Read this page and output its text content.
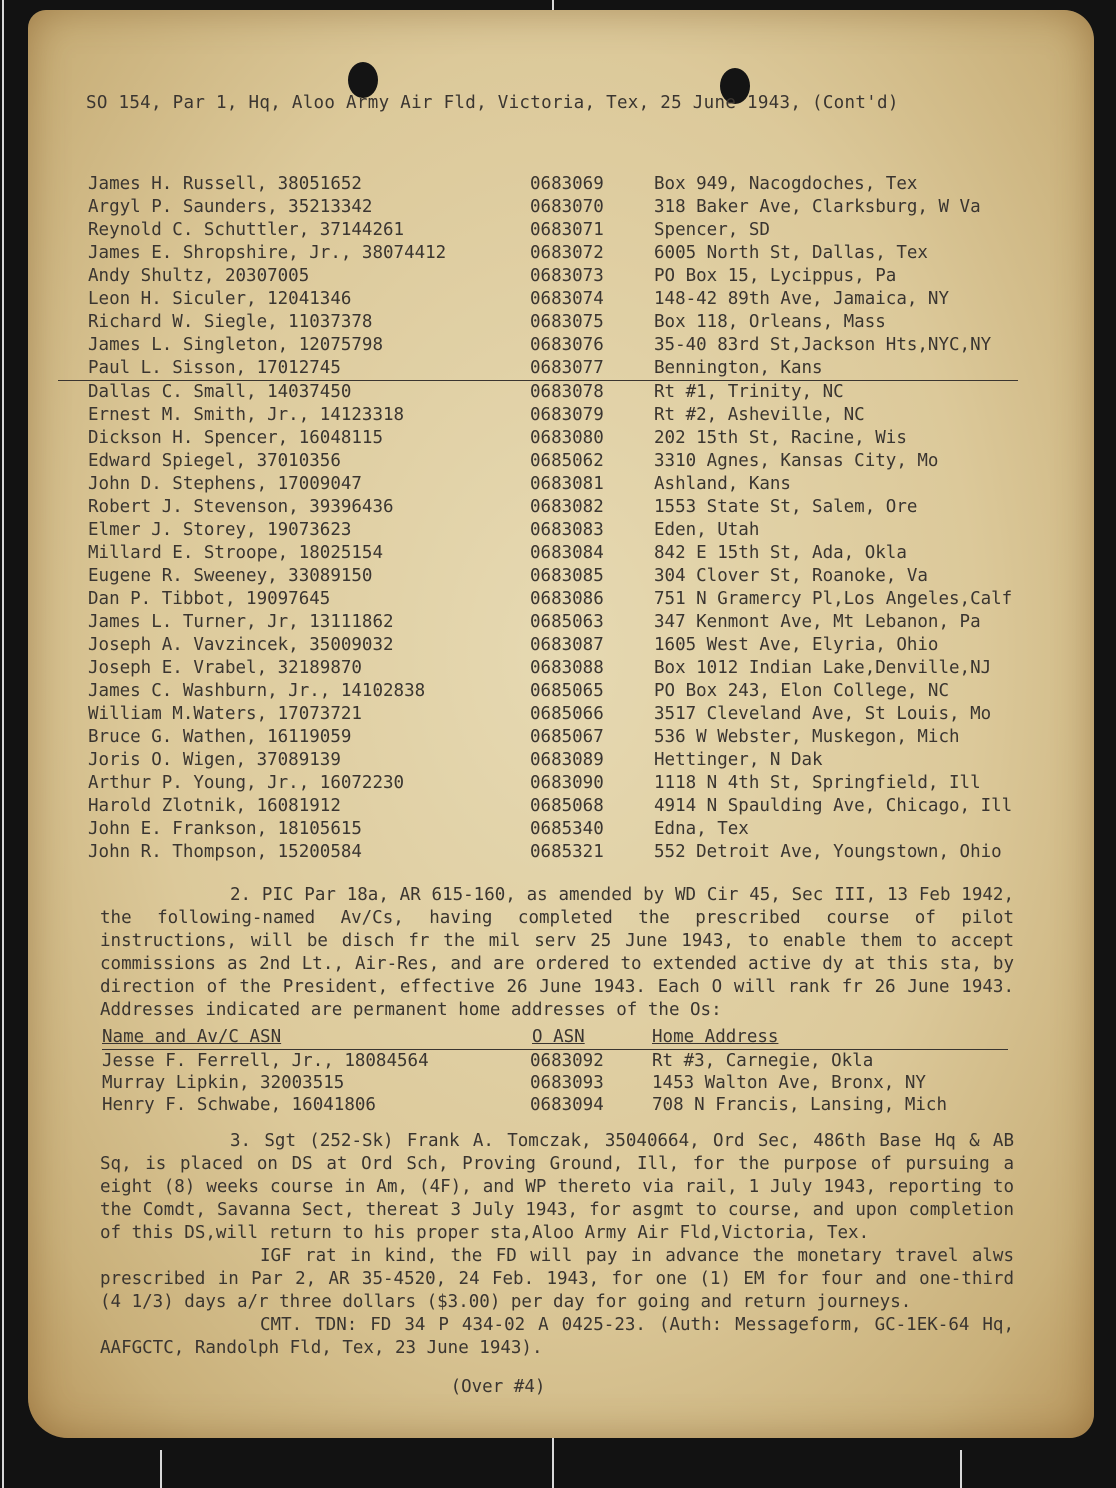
SO 154, Par 1, Hq, Aloo Army Air Fld, Victoria, Tex, 25 June 1943, (Cont'd)
James H. Russell, 38051652	0683069	Box 949, Nacogdoches, Tex
Argyl P. Saunders, 35213342	0683070	318 Baker Ave, Clarksburg, W Va
Reynold C. Schuttler, 37144261	0683071	Spencer, SD
James E. Shropshire, Jr., 38074412	0683072	6005 North St, Dallas, Tex
Andy Shultz, 20307005	0683073	PO Box 15, Lycippus, Pa
Leon H. Siculer, 12041346	0683074	148-42 89th Ave, Jamaica, NY
Richard W. Siegle, 11037378	0683075	Box 118, Orleans, Mass
James L. Singleton, 12075798	0683076	35-40 83rd St,Jackson Hts,NYC,NY
Paul L. Sisson, 17012745	0683077	Bennington, Kans
Dallas C. Small, 14037450	0683078	Rt #1, Trinity, NC
Ernest M. Smith, Jr., 14123318	0683079	Rt #2, Asheville, NC
Dickson H. Spencer, 16048115	0683080	202 15th St, Racine, Wis
Edward Spiegel, 37010356	0685062	3310 Agnes, Kansas City, Mo
John D. Stephens, 17009047	0683081	Ashland, Kans
Robert J. Stevenson, 39396436	0683082	1553 State St, Salem, Ore
Elmer J. Storey, 19073623	0683083	Eden, Utah
Millard E. Stroope, 18025154	0683084	842 E 15th St, Ada, Okla
Eugene R. Sweeney, 33089150	0683085	304 Clover St, Roanoke, Va
Dan P. Tibbot, 19097645	0683086	751 N Gramercy Pl,Los Angeles,Calf
James L. Turner, Jr, 13111862	0685063	347 Kenmont Ave, Mt Lebanon, Pa
Joseph A. Vavzincek, 35009032	0683087	1605 West Ave, Elyria, Ohio
Joseph E. Vrabel, 32189870	0683088	Box 1012 Indian Lake,Denville,NJ
James C. Washburn, Jr., 14102838	0685065	PO Box 243, Elon College, NC
William M.Waters, 17073721	0685066	3517 Cleveland Ave, St Louis, Mo
Bruce G. Wathen, 16119059	0685067	536 W Webster, Muskegon, Mich
Joris O. Wigen, 37089139	0683089	Hettinger, N Dak
Arthur P. Young, Jr., 16072230	0683090	1118 N 4th St, Springfield, Ill
Harold Zlotnik, 16081912	0685068	4914 N Spaulding Ave, Chicago, Ill
John E. Frankson, 18105615	0685340	Edna, Tex
John R. Thompson, 15200584	0685321	552 Detroit Ave, Youngstown, Ohio
2. PIC Par 18a, AR 615-160, as amended by WD Cir 45, Sec III, 13 Feb 1942, the following-named Av/Cs, having completed the prescribed course of pilot instructions, will be disch fr the mil serv 25 June 1943, to enable them to accept commissions as 2nd Lt., Air-Res, and are ordered to extended active dy at this sta, by direction of the President, effective 26 June 1943. Each O will rank fr 26 June 1943. Addresses indicated are permanent home addresses of the Os:
Name and Av/C ASN	O ASN	Home Address
Jesse F. Ferrell, Jr., 18084564	0683092	Rt #3, Carnegie, Okla
Murray Lipkin, 32003515	0683093	1453 Walton Ave, Bronx, NY
Henry F. Schwabe, 16041806	0683094	708 N Francis, Lansing, Mich
3. Sgt (252-Sk) Frank A. Tomczak, 35040664, Ord Sec, 486th Base Hq & AB Sq, is placed on DS at Ord Sch, Proving Ground, Ill, for the purpose of pursuing a eight (8) weeks course in Am, (4F), and WP thereto via rail, 1 July 1943, reporting to the Comdt, Savanna Sect, thereat 3 July 1943, for asgmt to course, and upon completion of this DS,will return to his proper sta,Aloo Army Air Fld,Victoria, Tex.
IGF rat in kind, the FD will pay in advance the monetary travel alws prescribed in Par 2, AR 35-4520, 24 Feb. 1943, for one (1) EM for four and one-third (4 1/3) days a/r three dollars ($3.00) per day for going and return journeys.
CMT. TDN: FD 34 P 434-02 A 0425-23. (Auth: Messageform, GC-1EK-64 Hq, AAFGCTC, Randolph Fld, Tex, 23 June 1943).
(Over #4)
